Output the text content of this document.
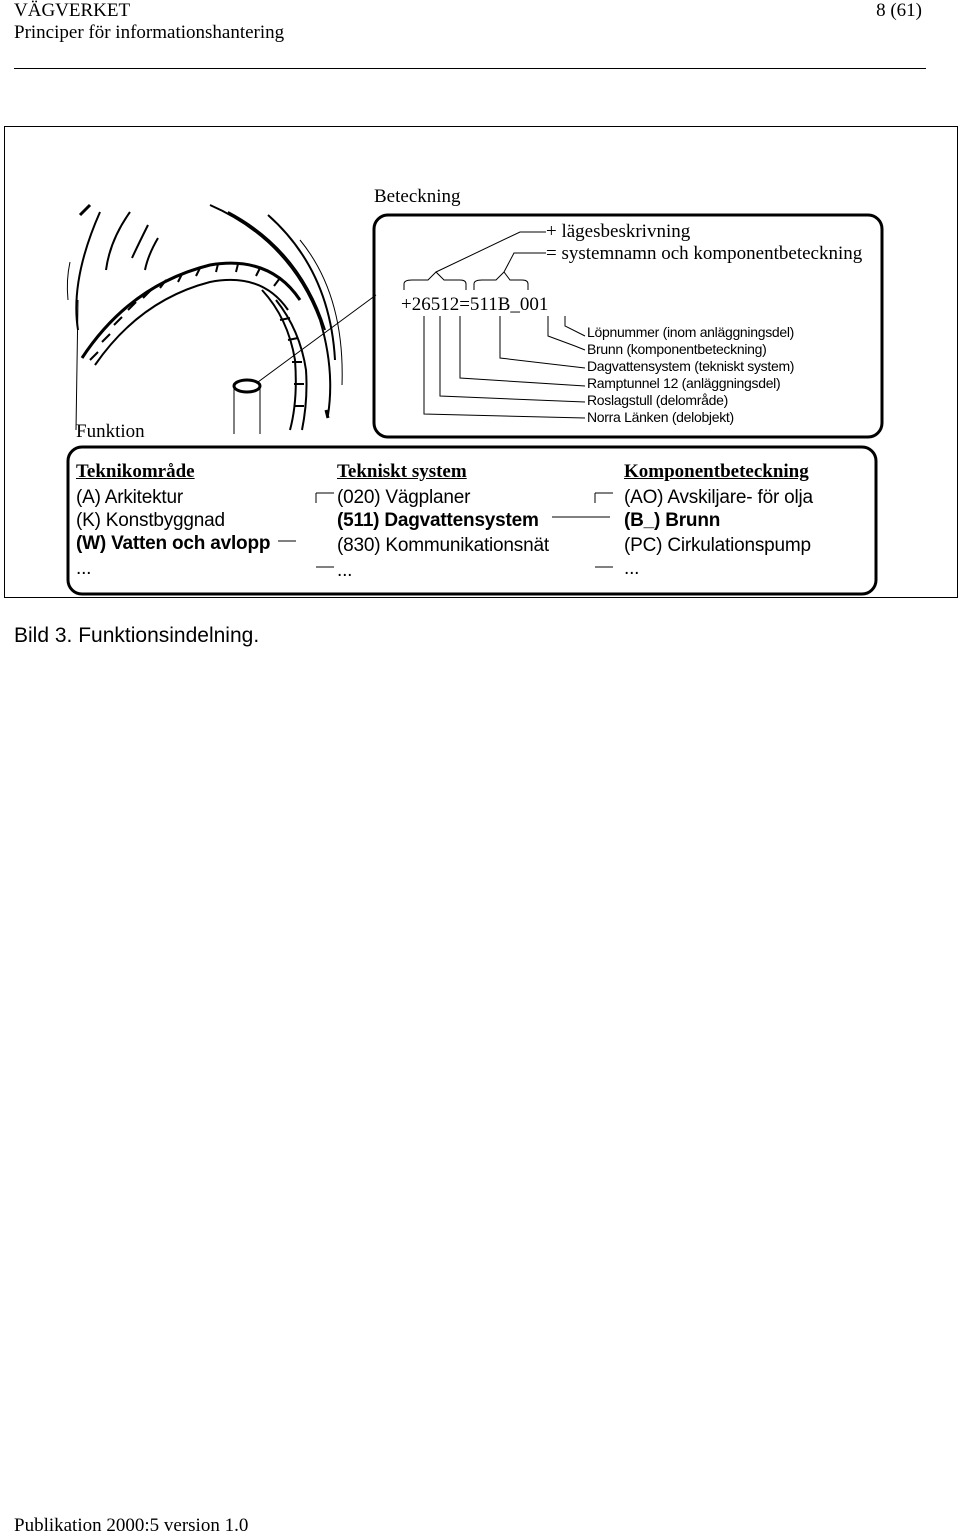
VÄGVERKET
Principer för informationshantering
8 (61)
Beteckning
+ lägesbeskrivning
= systemnamn och komponentbeteckning
+26512=511B_001
Löpnummer (inom anläggningsdel)
Brunn (komponentbeteckning)
Dagvattensystem (tekniskt system)
Ramptunnel 12 (anläggningsdel)
Roslagstull (delområde)
Norra Länken (delobjekt)
Funktion
Teknikområde
(A) Arkitektur
(K) Konstbyggnad
(W) Vatten och avlopp
...
Tekniskt system
(020) Vägplaner
(511) Dagvattensystem
(830) Kommunikationsnät
...
Komponentbeteckning
(AO) Avskiljare- för olja
(B_) Brunn
(PC) Cirkulationspump
...
Bild 3. Funktionsindelning.
Publikation 2000:5 version 1.0
